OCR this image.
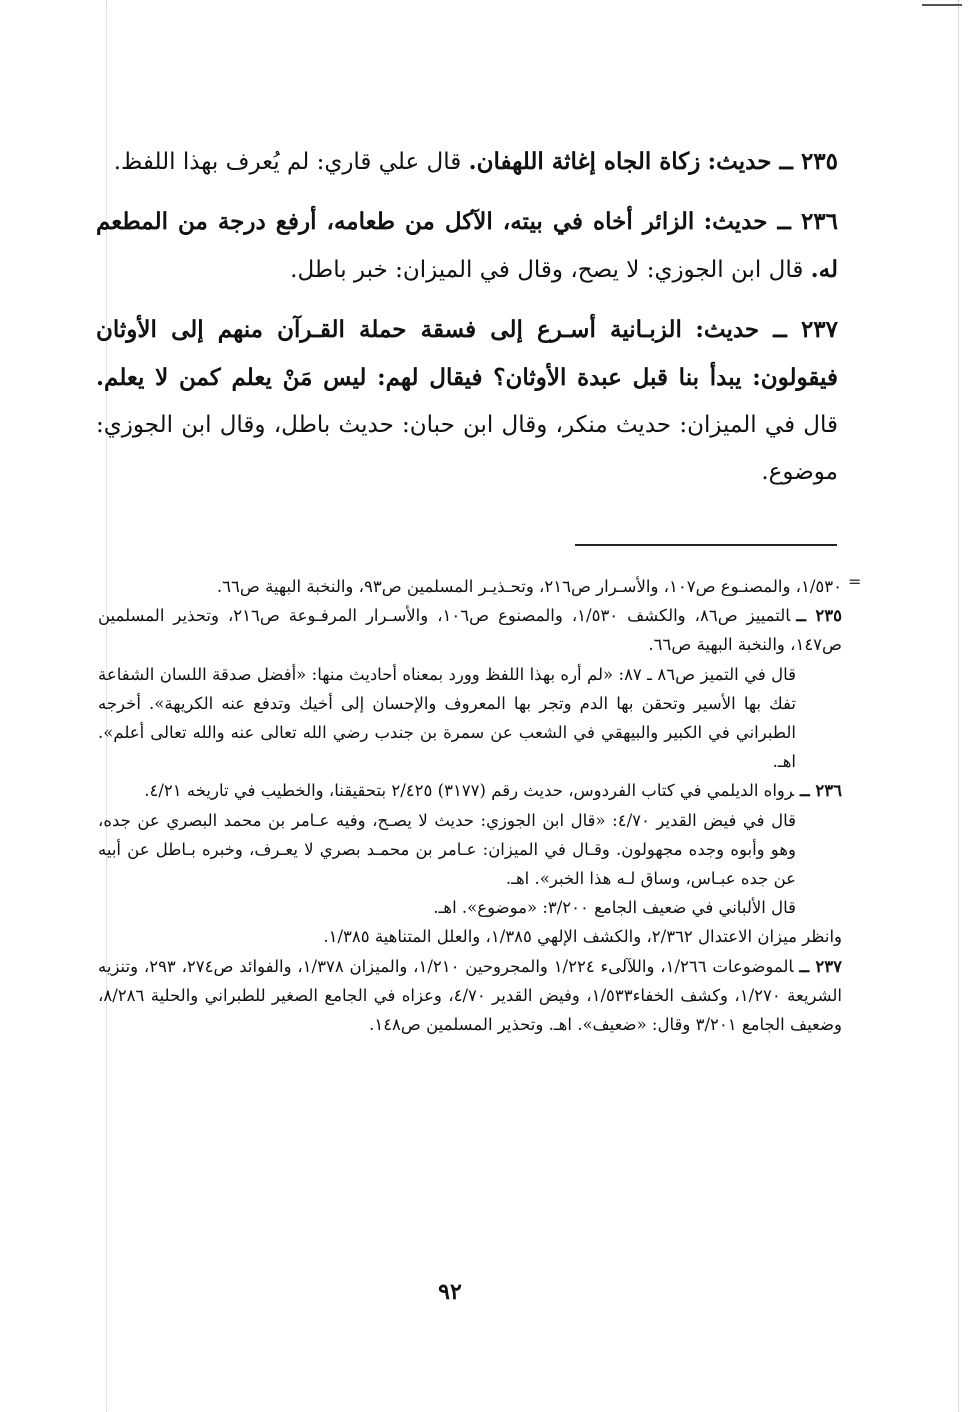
=

٢٣٥ ــ حديث: زكاة الجاه إغاثة اللهفان. قال علي قاري: لم يُعرف بهذا اللفظ.

٢٣٦ ــ حديث: الزائر أخاه في بيته، الآكل من طعامه، أرفع درجة من المطعم له. قال ابن الجوزي: لا يصح، وقال في الميزان: خبر باطل.

٢٣٧ ــ حديث: الزبـانية أسـرع إلى فسقة حملة القـرآن منهم إلى الأوثان فيقولون: يبدأ بنا قبل عبدة الأوثان؟ فيقال لهم: ليس مَنْ يعلم كمن لا يعلم. قال في الميزان: حديث منكر، وقال ابن حبان: حديث باطل، وقال ابن الجوزي: موضوع.

١/٥٣٠، والمصنـوع ص١٠٧، والأسـرار ص٢١٦، وتحـذيـر المسلمين ص٩٣، والنخبة البهية ص٦٦.
٢٣٥ ــالتمييز ص٨٦، والكشف ١/٥٣٠، والمصنوع ص١٠٦، والأسـرار المرفـوعة ص٢١٦، وتحذير المسلمين ص١٤٧، والنخبة البهية ص٦٦.
قال في التميز ص٨٦ ـ ٨٧: «لم أره بهذا اللفظ وورد بمعناه أحاديث منها: «أفضل صدقة اللسان الشفاعة تفك بها الأسير وتحقن بها الدم وتجر بها المعروف والإحسان إلى أخيك وتدفع عنه الكريهة». أخرجه الطبراني في الكبير والبيهقي في الشعب عن سمرة بن جندب رضي الله تعالى عنه والله تعالى أعلم». اهـ.
٢٣٦ ــرواه الديلمي في كتاب الفردوس، حديث رقم (٣١٧٧) ٢/٤٢٥ بتحقيقنا، والخطيب في تاريخه ٤/٢١.
قال في فيض القدير ٤/٧٠: «قال ابن الجوزي: حديث لا يصـح، وفيه عـامر بن محمد البصري عن جده، وهو وأبوه وجده مجهولون. وقـال في الميزان: عـامر بن محمـد بصري لا يعـرف، وخبره بـاطل عن أبيه عن جده عبـاس، وساق لـه هذا الخبر». اهـ.
قال الألباني في ضعيف الجامع ٣/٢٠٠: «موضوع». اهـ.
وانظر ميزان الاعتدال ٢/٣٦٢، والكشف الإلهي ١/٣٨٥، والعلل المتناهية ١/٣٨٥.
٢٣٧ ــالموضوعات ١/٢٦٦، واللآلىء ١/٢٢٤ والمجروحين ١/٢١٠، والميزان ١/٣٧٨، والفوائد ص٢٧٤، ٢٩٣، وتنزيه الشريعة ١/٢٧٠، وكشف الخفاء١/٥٣٣، وفيض القدير ٤/٧٠، وعزاه في الجامع الصغير للطبراني والحلية ٨/٢٨٦، وضعيف الجامع ٣/٢٠١ وقال: «ضعيف». اهـ. وتحذير المسلمين ص١٤٨.
٩٢
